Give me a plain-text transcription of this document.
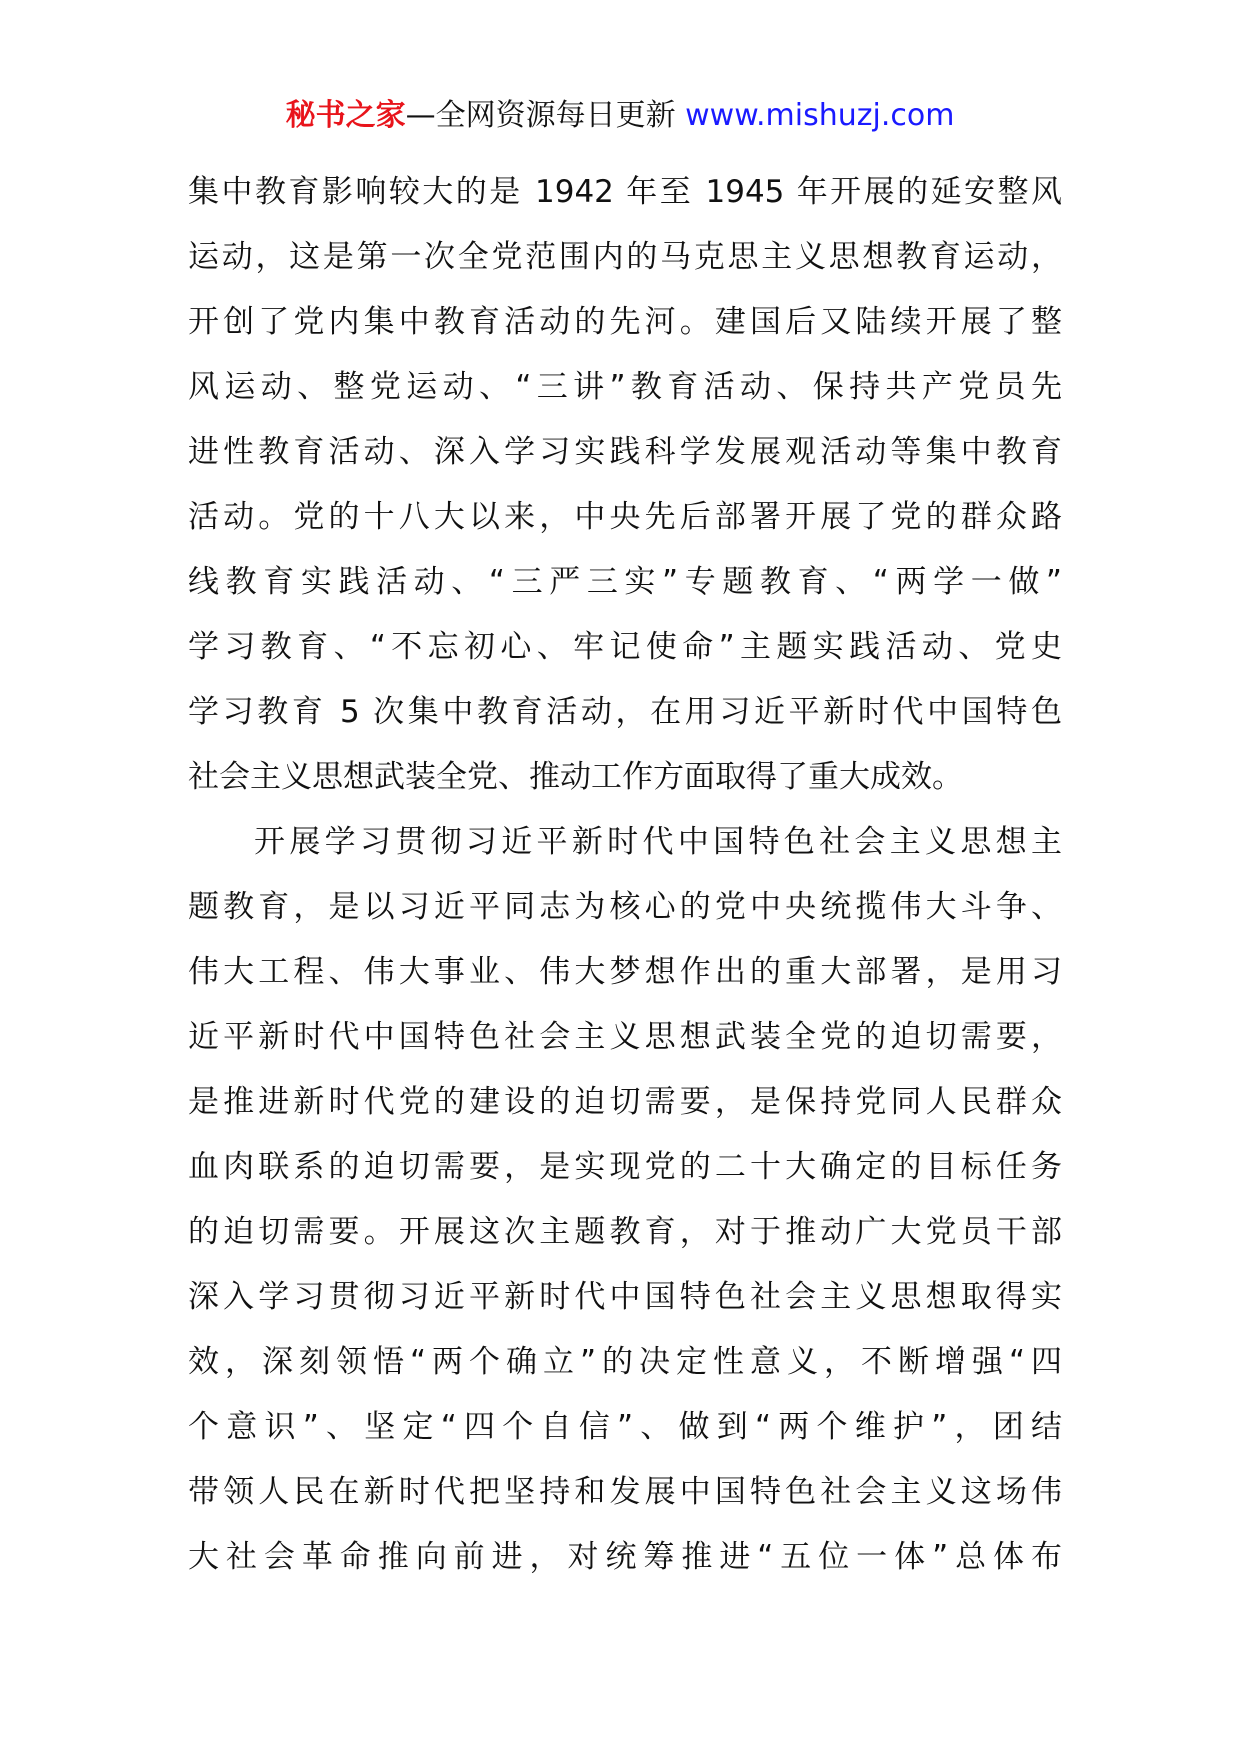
秘书之家—全网资源每日更新 www.mishuzj.com
集中教育影响较大的是 1942 年至 1945 年开展的延安整风
运动，这是第一次全党范围内的马克思主义思想教育运动，
开创了党内集中教育活动的先河。建国后又陆续开展了整
风运动、整党运动、“三讲”教育活动、保持共产党员先
进性教育活动、深入学习实践科学发展观活动等集中教育
活动。党的十八大以来，中央先后部署开展了党的群众路
线教育实践活动、“三严三实”专题教育、“两学一做”
学习教育、“不忘初心、牢记使命”主题实践活动、党史
学习教育 5 次集中教育活动，在用习近平新时代中国特色
社会主义思想武装全党、推动工作方面取得了重大成效。
开展学习贯彻习近平新时代中国特色社会主义思想主
题教育，是以习近平同志为核心的党中央统揽伟大斗争、
伟大工程、伟大事业、伟大梦想作出的重大部署，是用习
近平新时代中国特色社会主义思想武装全党的迫切需要，
是推进新时代党的建设的迫切需要，是保持党同人民群众
血肉联系的迫切需要，是实现党的二十大确定的目标任务
的迫切需要。开展这次主题教育，对于推动广大党员干部
深入学习贯彻习近平新时代中国特色社会主义思想取得实
效，深刻领悟“两个确立”的决定性意义，不断增强“四
个意识”、坚定“四个自信”、做到“两个维护”，团结
带领人民在新时代把坚持和发展中国特色社会主义这场伟
大社会革命推向前进，对统筹推进“五位一体”总体布
